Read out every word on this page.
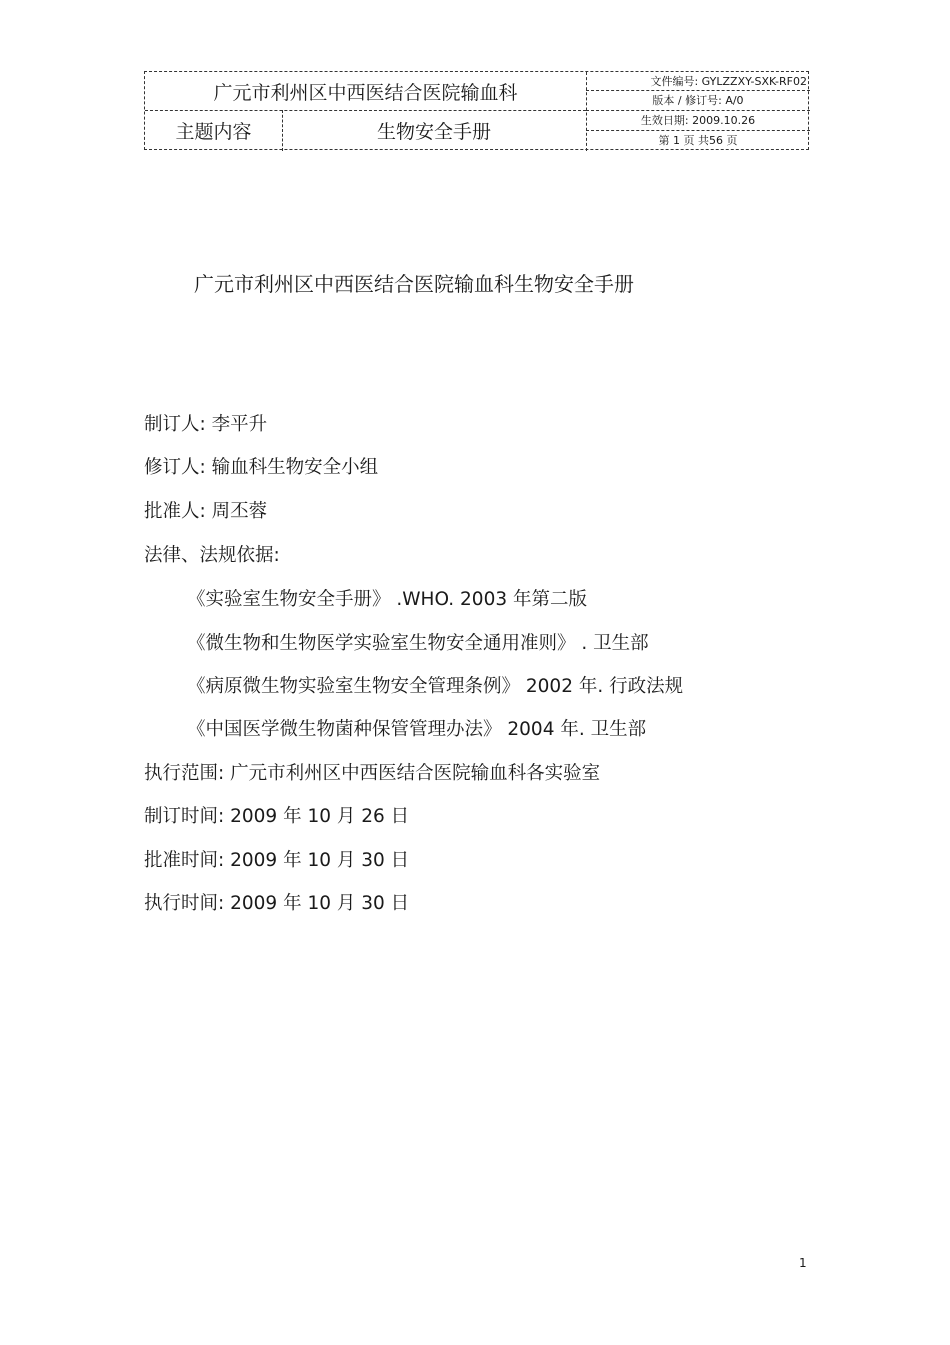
广元市利州区中西医结合医院输血科
主题内容	生物安全手册
文件编号: GYLZZXY-SXK-RF02
版本 / 修订号: A/0
生效日期: 2009.10.26
第 1 页 共56 页
广元市利州区中西医结合医院输血科生物安全手册
制订人: 李平升
修订人: 输血科生物安全小组
批准人: 周丕蓉
法律、法规依据:
《实验室生物安全手册》 .WHO. 2003 年第二版
《微生物和生物医学实验室生物安全通用准则》 . 卫生部
《病原微生物实验室生物安全管理条例》 2002 年. 行政法规
《中国医学微生物菌种保管管理办法》 2004 年. 卫生部
执行范围: 广元市利州区中西医结合医院输血科各实验室
制订时间: 2009 年 10 月 26 日
批准时间: 2009 年 10 月 30 日
执行时间: 2009 年 10 月 30 日
1
